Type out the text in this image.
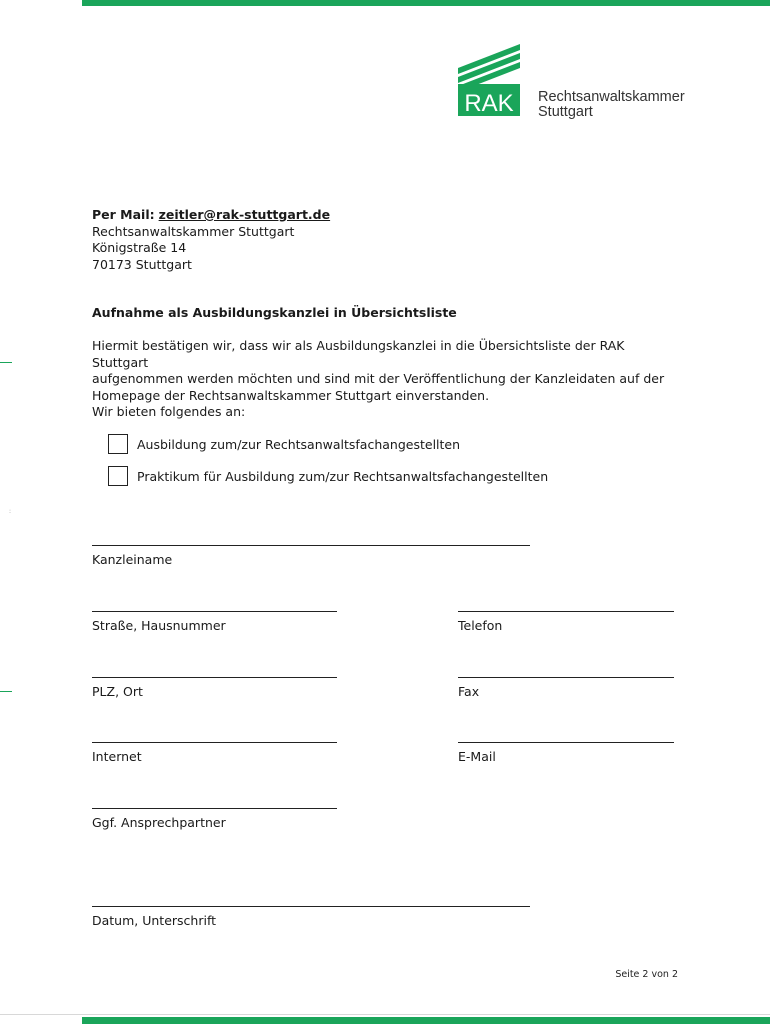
:
RAK Rechtsanwaltskammer
Stuttgart
Per Mail: zeitler@rak-stuttgart.de
Rechtsanwaltskammer Stuttgart
Königstraße 14
70173 Stuttgart
Aufnahme als Ausbildungskanzlei in Übersichtsliste
Hiermit bestätigen wir, dass wir als Ausbildungskanzlei in die Übersichtsliste der RAK Stuttgart
aufgenommen werden möchten und sind mit der Veröffentlichung der Kanzleidaten auf der
Homepage der Rechtsanwaltskammer Stuttgart einverstanden.
Wir bieten folgendes an:
Ausbildung zum/zur Rechtsanwaltsfachangestellten
Praktikum für Ausbildung zum/zur Rechtsanwaltsfachangestellten
Kanzleiname
Straße, Hausnummer	Telefon
PLZ, Ort	Fax
Internet	E-Mail
Ggf. Ansprechpartner
Datum, Unterschrift
Seite 2 von 2
